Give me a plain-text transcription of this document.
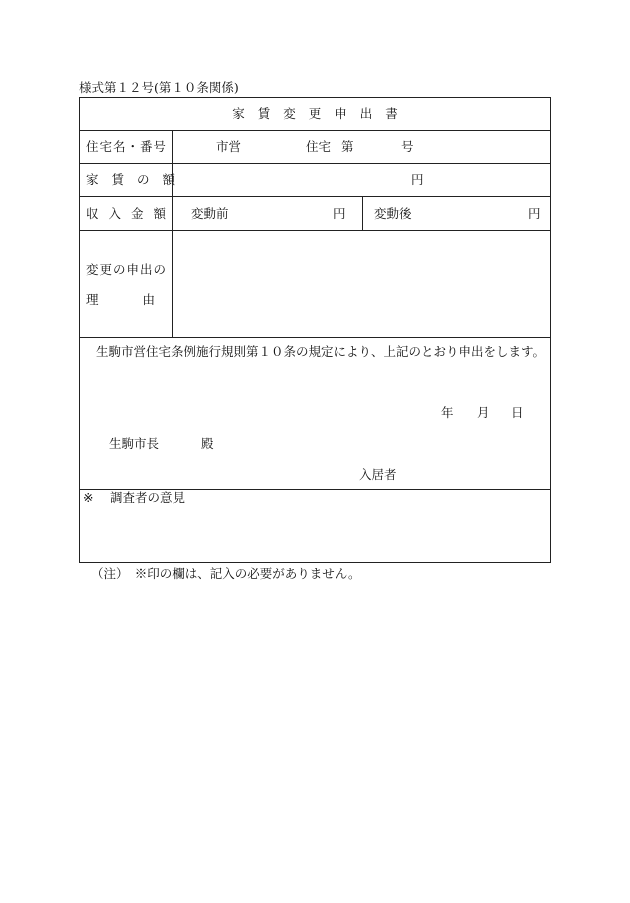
様式第１２号(第１０条関係)
家賃変更申出書
住 宅 名 ・ 番 号	市営	住宅 第	号
家賃の額	円
収入金額 変動前	円 変動後	円
変更の申出の
理由
生駒市営住宅条例施行規則第１０条の規定により、上記のとおり申出をします。
年 月 日
生駒市長	殿
入居者
※ 調査者の意見
（注）　※印の欄は、記入の必要がありません。
